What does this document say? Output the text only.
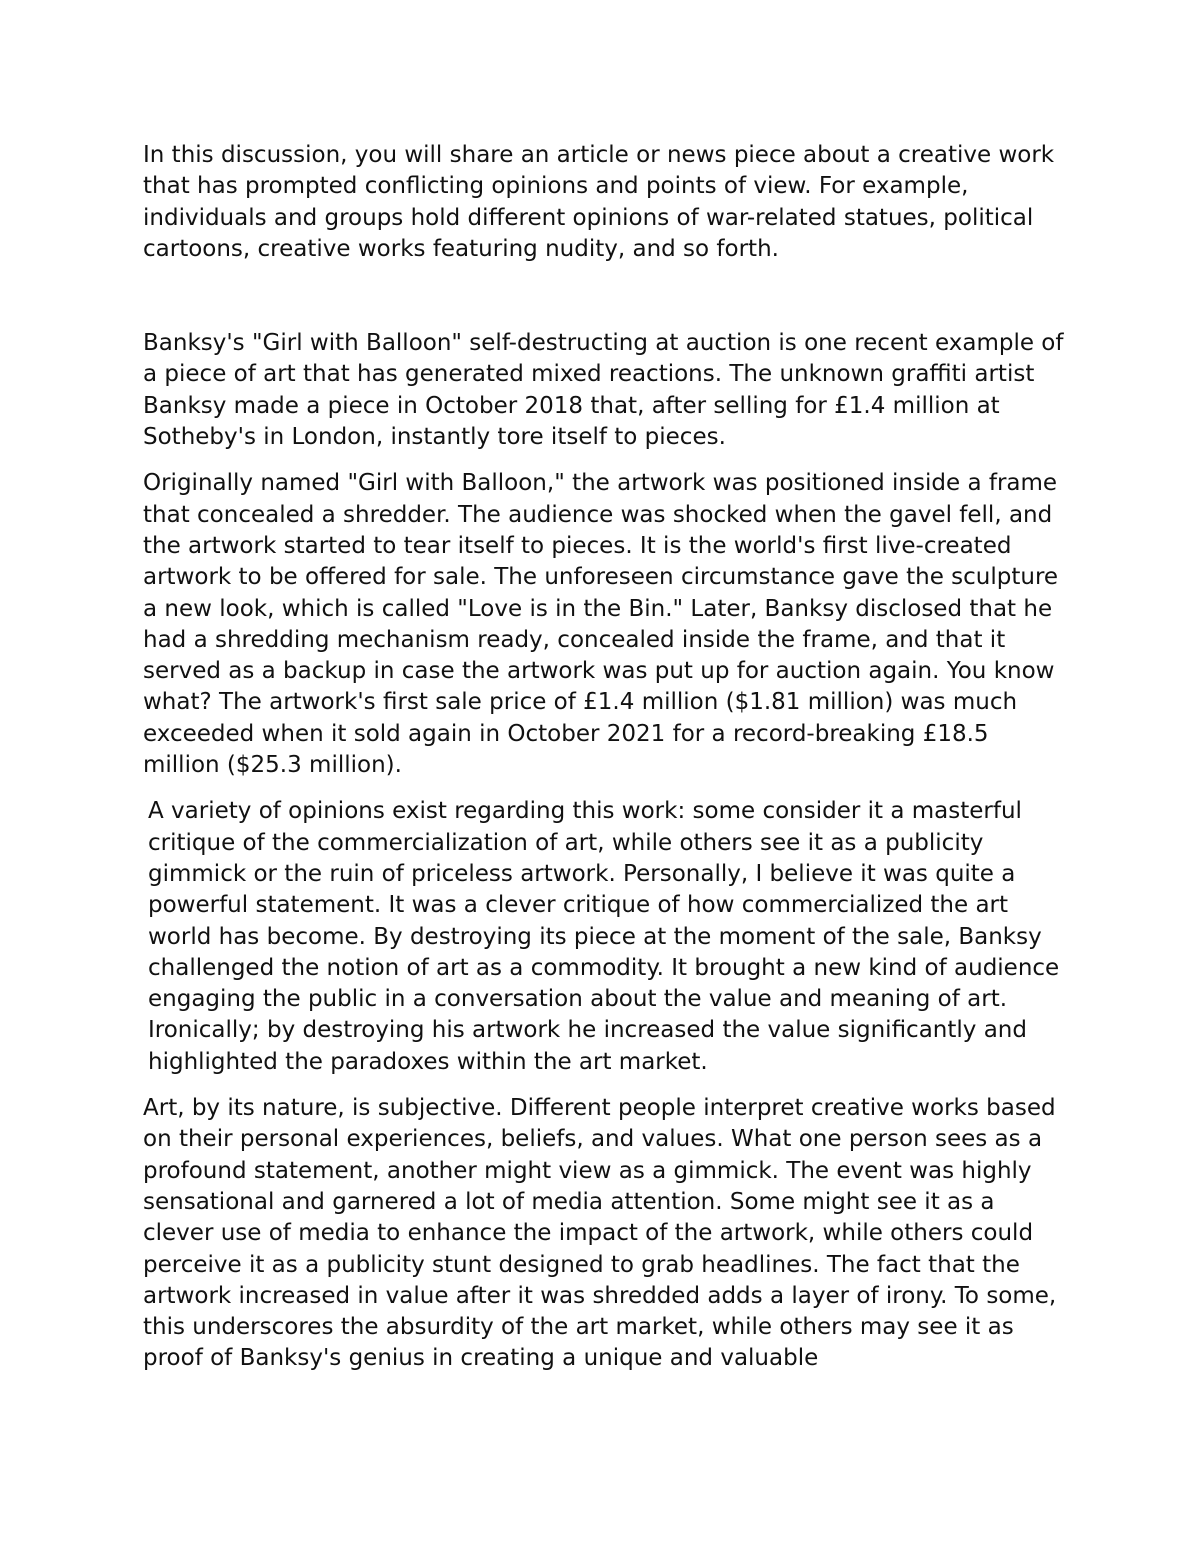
In this discussion, you will share an article or news piece about a creative work that has prompted conflicting opinions and points of view. For example, individuals and groups hold different opinions of war-related statues, political cartoons, creative works featuring nudity, and so forth.

Banksy's "Girl with Balloon" self-destructing at auction is one recent example of a piece of art that has generated mixed reactions. The unknown graffiti artist Banksy made a piece in October 2018 that, after selling for £1.4 million at Sotheby's in London, instantly tore itself to pieces.

Originally named "Girl with Balloon," the artwork was positioned inside a frame that concealed a shredder. The audience was shocked when the gavel fell, and the artwork started to tear itself to pieces. It is the world's first live-created artwork to be offered for sale. The unforeseen circumstance gave the sculpture a new look, which is called "Love is in the Bin." Later, Banksy disclosed that he had a shredding mechanism ready, concealed inside the frame, and that it served as a backup in case the artwork was put up for auction again. You know what? The artwork's first sale price of £1.4 million ($1.81 million) was much exceeded when it sold again in October 2021 for a record-breaking £18.5 million ($25.3 million).

A variety of opinions exist regarding this work: some consider it a masterful critique of the commercialization of art, while others see it as a publicity gimmick or the ruin of priceless artwork. Personally, I believe it was quite a powerful statement. It was a clever critique of how commercialized the art world has become. By destroying its piece at the moment of the sale, Banksy challenged the notion of art as a commodity. It brought a new kind of audience engaging the public in a conversation about the value and meaning of art. Ironically; by destroying his artwork he increased the value significantly and highlighted the paradoxes within the art market.

Art, by its nature, is subjective. Different people interpret creative works based on their personal experiences, beliefs, and values. What one person sees as a profound statement, another might view as a gimmick. The event was highly sensational and garnered a lot of media attention. Some might see it as a clever use of media to enhance the impact of the artwork, while others could perceive it as a publicity stunt designed to grab headlines. The fact that the artwork increased in value after it was shredded adds a layer of irony. To some, this underscores the absurdity of the art market, while others may see it as proof of Banksy's genius in creating a unique and valuable
